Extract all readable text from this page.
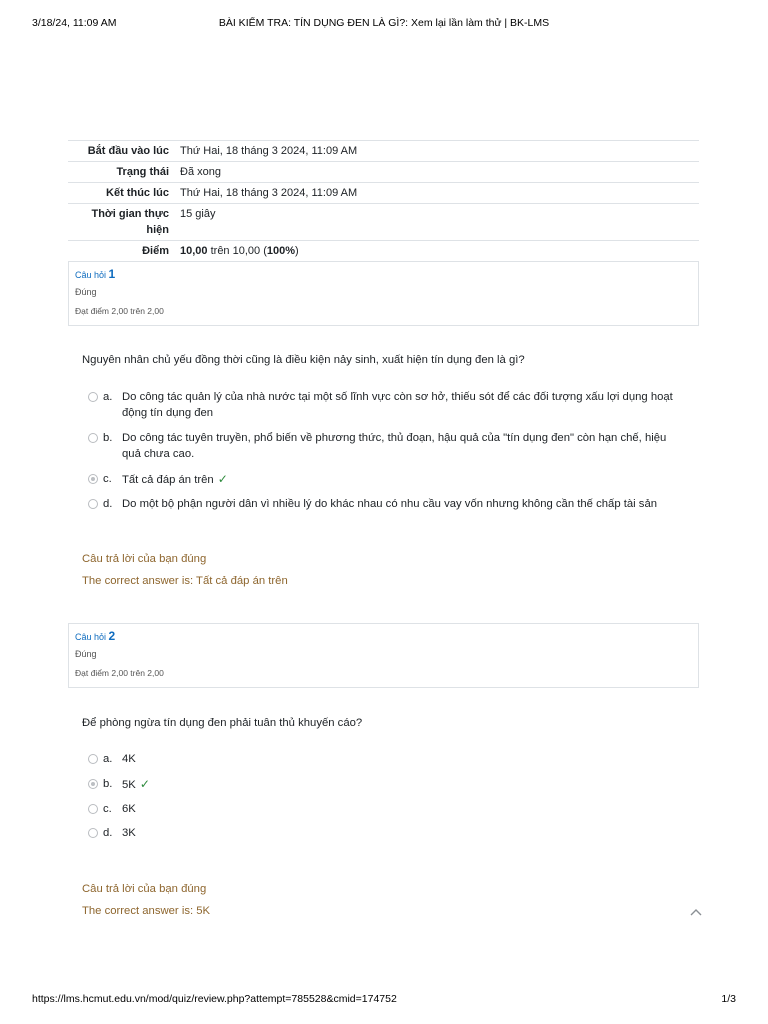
3/18/24, 11:09 AM	BÀI KIỂM TRA: TÍN DỤNG ĐEN LÀ GÌ?: Xem lại lần làm thử | BK-LMS
Bắt đầu vào lúc	Thứ Hai, 18 tháng 3 2024, 11:09 AM
Trạng thái	Đã xong
Kết thúc lúc	Thứ Hai, 18 tháng 3 2024, 11:09 AM
Thời gian thực hiện	15 giây
Điểm	10,00 trên 10,00 (100%)
Câu hỏi 1
Đúng
Đạt điểm 2,00 trên 2,00
Nguyên nhân chủ yếu đồng thời cũng là điều kiện nảy sinh, xuất hiện tín dụng đen là gì?
a. Do công tác quản lý của nhà nước tại một số lĩnh vực còn sơ hở, thiếu sót để các đối tượng xấu lợi dụng hoạt động tín dụng đen
b. Do công tác tuyên truyền, phổ biến về phương thức, thủ đoạn, hậu quả của "tín dụng đen" còn hạn chế, hiệu quả chưa cao.
c. Tất cả đáp án trên ✓
d. Do một bộ phận người dân vì nhiều lý do khác nhau có nhu cầu vay vốn nhưng không cần thế chấp tài sản
Câu trả lời của bạn đúng
The correct answer is: Tất cả đáp án trên
Câu hỏi 2
Đúng
Đạt điểm 2,00 trên 2,00
Để phòng ngừa tín dụng đen phải tuân thủ khuyến cáo?
a. 4K
b. 5K ✓
c. 6K
d. 3K
Câu trả lời của bạn đúng
The correct answer is: 5K
https://lms.hcmut.edu.vn/mod/quiz/review.php?attempt=785528&cmid=174752	1/3
